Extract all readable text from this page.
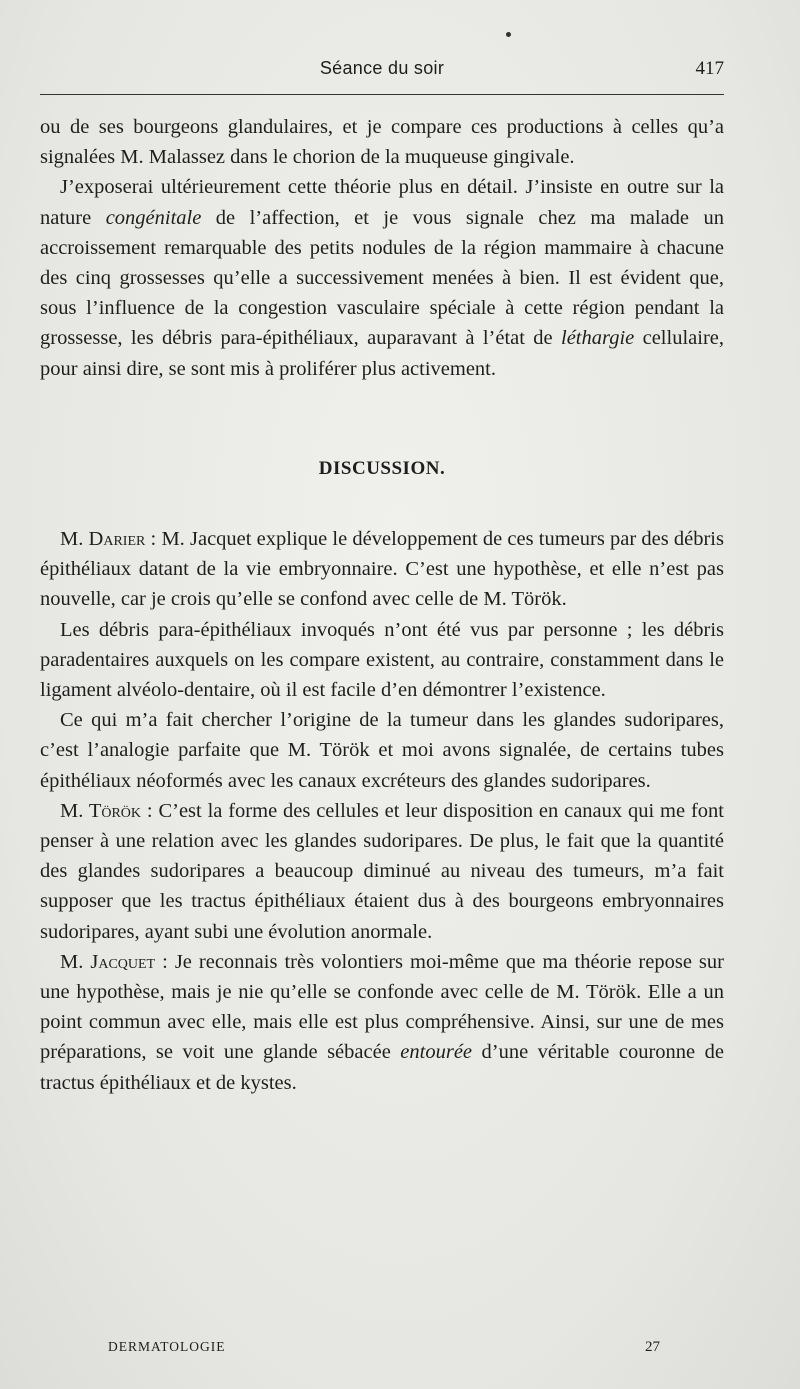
Séance du soir	417

ou de ses bourgeons glandulaires, et je compare ces productions à celles qu’a signalées M. Malassez dans le chorion de la muqueuse gingivale.

J’exposerai ultérieurement cette théorie plus en détail. J’insiste en outre sur la nature congénitale de l’affection, et je vous signale chez ma malade un accroissement remarquable des petits nodules de la région mammaire à chacune des cinq grossesses qu’elle a successivement menées à bien. Il est évident que, sous l’influence de la congestion vasculaire spéciale à cette région pendant la grossesse, les débris para-épithéliaux, auparavant à l’état de léthargie cellulaire, pour ainsi dire, se sont mis à proliférer plus activement.

DISCUSSION.

M. Darier : M. Jacquet explique le développement de ces tumeurs par des débris épithéliaux datant de la vie embryonnaire. C’est une hypothèse, et elle n’est pas nouvelle, car je crois qu’elle se confond avec celle de M. Török.

Les débris para-épithéliaux invoqués n’ont été vus par personne ; les débris paradentaires auxquels on les compare existent, au contraire, constamment dans le ligament alvéolo-dentaire, où il est facile d’en démontrer l’existence.

Ce qui m’a fait chercher l’origine de la tumeur dans les glandes sudoripares, c’est l’analogie parfaite que M. Török et moi avons signalée, de certains tubes épithéliaux néoformés avec les canaux excréteurs des glandes sudoripares.

M. Török : C’est la forme des cellules et leur disposition en canaux qui me font penser à une relation avec les glandes sudoripares. De plus, le fait que la quantité des glandes sudoripares a beaucoup diminué au niveau des tumeurs, m’a fait supposer que les tractus épithéliaux étaient dus à des bourgeons embryonnaires sudoripares, ayant subi une évolution anormale.

M. Jacquet : Je reconnais très volontiers moi-même que ma théorie repose sur une hypothèse, mais je nie qu’elle se confonde avec celle de M. Török. Elle a un point commun avec elle, mais elle est plus compréhensive. Ainsi, sur une de mes préparations, se voit une glande sébacée entourée d’une véritable couronne de tractus épithéliaux et de kystes.

DERMATOLOGIE	27
